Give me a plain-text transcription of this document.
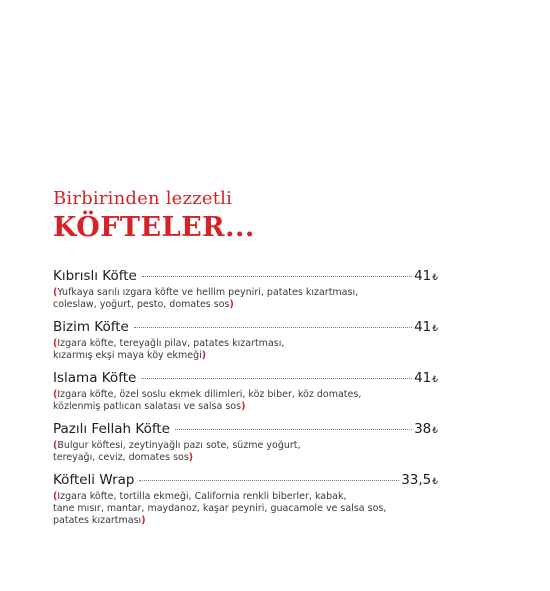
Birbirinden lezzetli
KÖFTELER...
Kıbrıslı Köfte	41₺
(Yufkaya sarılı ızgara köfte ve hellim peyniri, patates kızartması,
coleslaw, yoğurt, pesto, domates sos)
Bizim Köfte	41₺
(Izgara köfte, tereyağlı pilav, patates kızartması,
kızarmış ekşi maya köy ekmeği)
Islama Köfte	41₺
(Izgara köfte, özel soslu ekmek dilimleri, köz biber, köz domates,
közlenmiş patlıcan salatası ve salsa sos)
Pazılı Fellah Köfte	38₺
(Bulgur köftesi, zeytinyağlı pazı sote, süzme yoğurt,
tereyağı, ceviz, domates sos)
Köfteli Wrap	33,5₺
(Izgara köfte, tortilla ekmeği, California renkli biberler, kabak,
tane mısır, mantar, maydanoz, kaşar peyniri, guacamole ve salsa sos,
patates kızartması)
